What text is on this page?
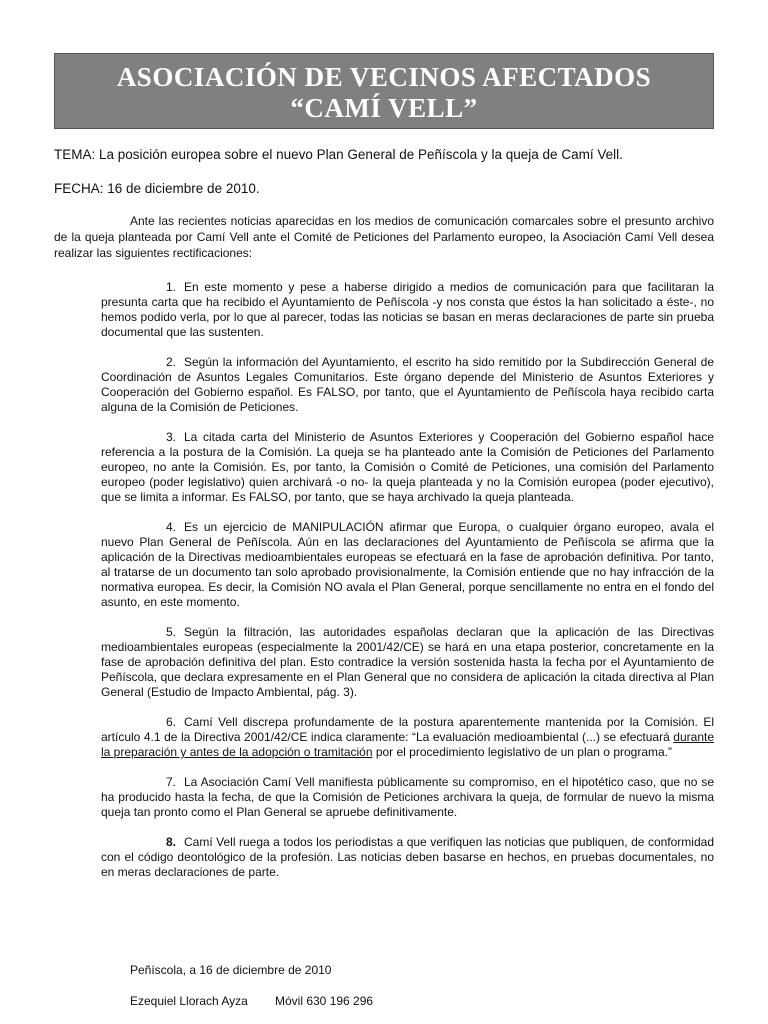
ASOCIACIÓN DE VECINOS AFECTADOS
“CAMÍ VELL”
TEMA: La posición europea sobre el nuevo Plan General de Peñíscola y la queja de Camí Vell.
FECHA: 16 de diciembre de 2010.
Ante las recientes noticias aparecidas en los medios de comunicación comarcales sobre el presunto archivo de la queja planteada por Camí Vell ante el Comité de Peticiones del Parlamento europeo, la Asociación Camí Vell desea realizar las siguientes rectificaciones:

1. En este momento y pese a haberse dirigido a medios de comunicación para que facilitaran la presunta carta que ha recibido el Ayuntamiento de Peñíscola -y nos consta que éstos la han solicitado a éste-, no hemos podido verla, por lo que al parecer, todas las noticias se basan en meras declaraciones de parte sin prueba documental que las sustenten.

2. Según la información del Ayuntamiento, el escrito ha sido remitido por la Subdirección General de Coordinación de Asuntos Legales Comunitarios. Este órgano depende del Ministerio de Asuntos Exteriores y Cooperación del Gobierno español. Es FALSO, por tanto, que el Ayuntamiento de Peñíscola haya recibido carta alguna de la Comisión de Peticiones.

3. La citada carta del Ministerio de Asuntos Exteriores y Cooperación del Gobierno español hace referencia a la postura de la Comisión. La queja se ha planteado ante la Comisión de Peticiones del Parlamento europeo, no ante la Comisión. Es, por tanto, la Comisión o Comité de Peticiones, una comisión del Parlamento europeo (poder legislativo) quien archivará -o no- la queja planteada y no la Comisión europea (poder ejecutivo), que se limita a informar. Es FALSO, por tanto, que se haya archivado la queja planteada.

4. Es un ejercicio de MANIPULACIÓN afirmar que Europa, o cualquier órgano europeo, avala el nuevo Plan General de Peñíscola. Aún en las declaraciones del Ayuntamiento de Peñíscola se afirma que la aplicación de la Directivas medioambientales europeas se efectuará en la fase de aprobación definitiva. Por tanto, al tratarse de un documento tan solo aprobado provisionalmente, la Comisión entiende que no hay infracción de la normativa europea. Es decir, la Comisión NO avala el Plan General, porque sencillamente no entra en el fondo del asunto, en este momento.

5. Según la filtración, las autoridades españolas declaran que la aplicación de las Directivas medioambientales europeas (especialmente la 2001/42/CE) se hará en una etapa posterior, concretamente en la fase de aprobación definitiva del plan. Esto contradice la versión sostenida hasta la fecha por el Ayuntamiento de Peñíscola, que declara expresamente en el Plan General que no considera de aplicación la citada directiva al Plan General (Estudio de Impacto Ambiental, pág. 3).

6. Camí Vell discrepa profundamente de la postura aparentemente mantenida por la Comisión. El artículo 4.1 de la Directiva 2001/42/CE indica claramente: “La evaluación medioambiental (...) se efectuará durante la preparación y antes de la adopción o tramitación por el procedimiento legislativo de un plan o programa.”

7. La Asociación Camí Vell manifiesta públicamente su compromiso, en el hipotético caso, que no se ha producido hasta la fecha, de que la Comisión de Peticiones archivara la queja, de formular de nuevo la misma queja tan pronto como el Plan General se apruebe definitivamente.

8. Camí Vell ruega a todos los periodistas a que verifiquen las noticias que publiquen, de conformidad con el código deontológico de la profesión. Las noticias deben basarse en hechos, en pruebas documentales, no en meras declaraciones de parte.

Peñíscola, a 16 de diciembre de 2010
Ezequiel Llorach Ayza Móvil 630 196 296
